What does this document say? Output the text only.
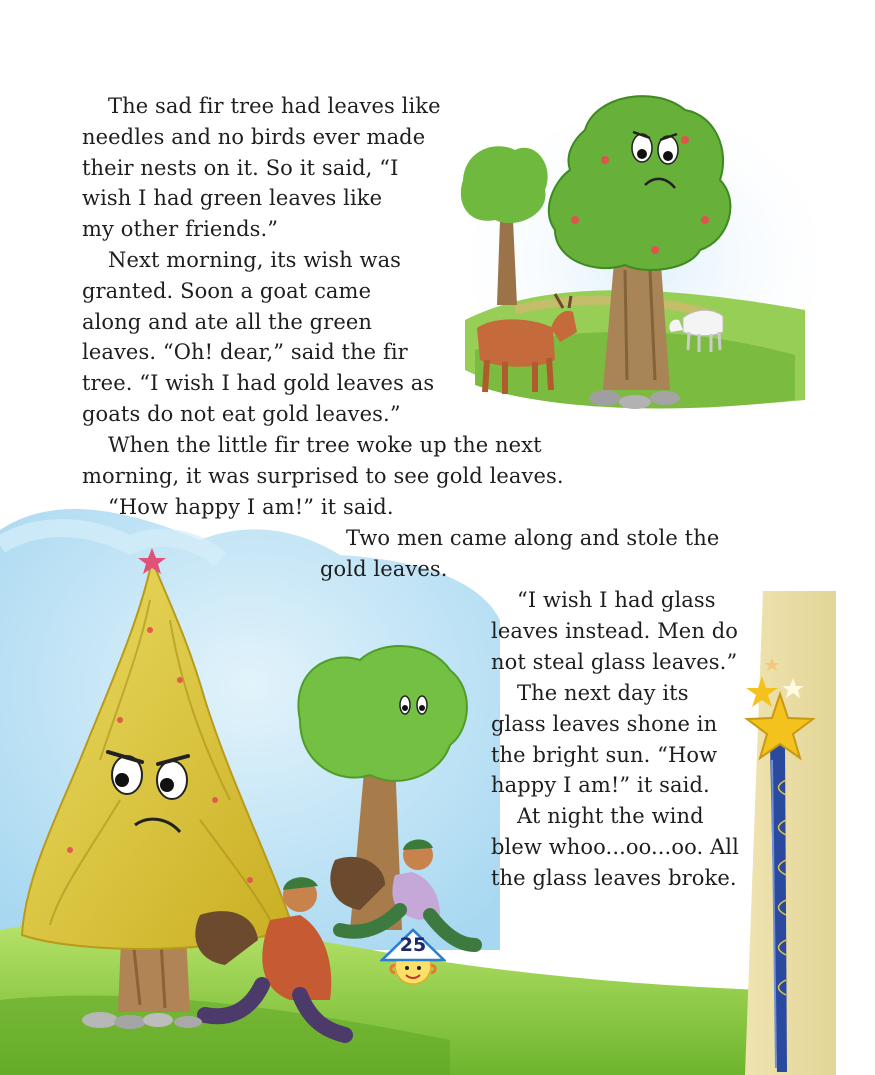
The sad fir tree had leaves like
needles and no birds ever made
their nests on it. So it said, “I
wish I had green leaves like
my other friends.”

Next morning, its wish was
granted. Soon a goat came
along and ate all the green
leaves. “Oh! dear,” said the fir
tree. “I wish I had gold leaves as
goats do not eat gold leaves.”

When the little fir tree woke up the next
morning, it was surprised to see gold leaves.

“How happy I am!” it said.

Two men came along and stole the
gold leaves.

“I wish I had glass
leaves instead. Men do
not steal glass leaves.”

The next day its
glass leaves shone in
the bright sun. “How
happy I am!” it said.

At night the wind
blew whoo...oo...oo. All
the glass leaves broke.

25
